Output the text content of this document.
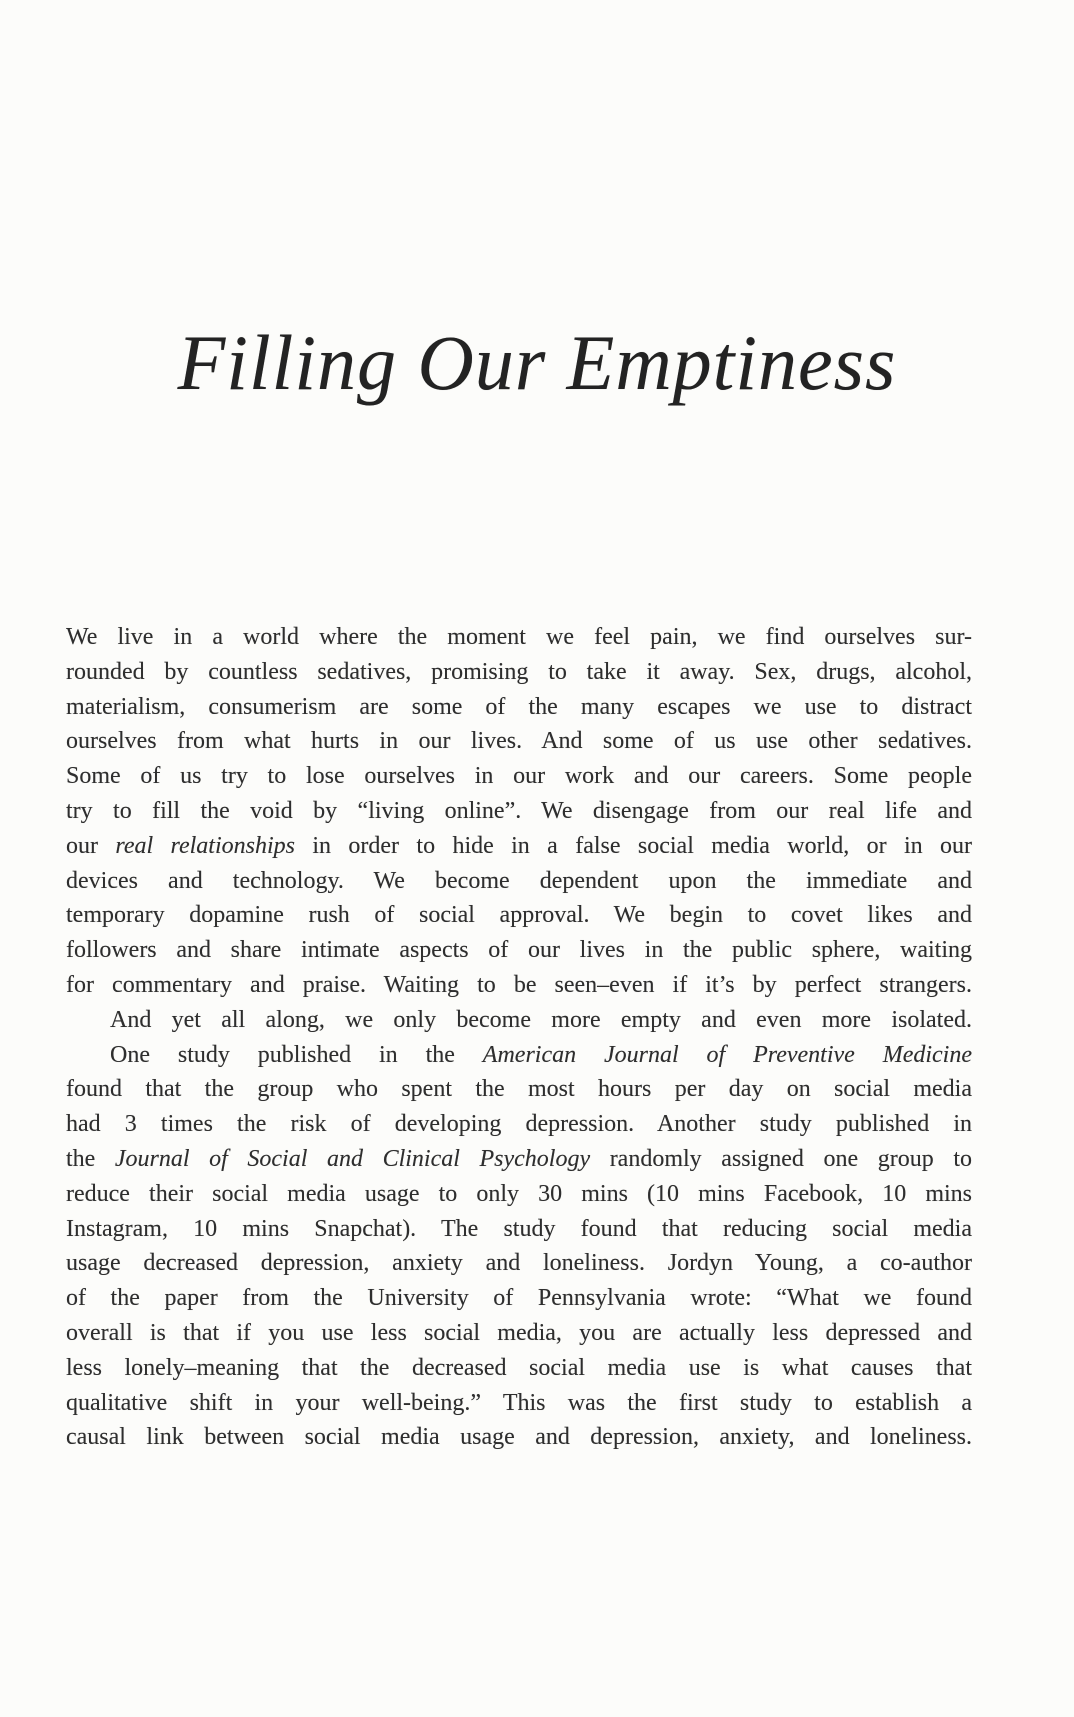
Filling Our Emptiness
We live in a world where the moment we feel pain, we find ourselves sur-
rounded by countless sedatives, promising to take it away. Sex, drugs, alcohol,
materialism, consumerism are some of the many escapes we use to distract
ourselves from what hurts in our lives. And some of us use other sedatives.
Some of us try to lose ourselves in our work and our careers. Some people
try to fill the void by “living online”. We disengage from our real life and
our real relationships in order to hide in a false social media world, or in our
devices and technology. We become dependent upon the immediate and
temporary dopamine rush of social approval. We begin to covet likes and
followers and share intimate aspects of our lives in the public sphere, waiting
for commentary and praise. Waiting to be seen–even if it’s by perfect strangers.
And yet all along, we only become more empty and even more isolated.
One study published in the American Journal of Preventive Medicine
found that the group who spent the most hours per day on social media
had 3 times the risk of developing depression. Another study published in
the Journal of Social and Clinical Psychology randomly assigned one group to
reduce their social media usage to only 30 mins (10 mins Facebook, 10 mins
Instagram, 10 mins Snapchat). The study found that reducing social media
usage decreased depression, anxiety and loneliness. Jordyn Young, a co-author
of the paper from the University of Pennsylvania wrote: “What we found
overall is that if you use less social media, you are actually less depressed and
less lonely–meaning that the decreased social media use is what causes that
qualitative shift in your well-being.” This was the first study to establish a
causal link between social media usage and depression, anxiety, and loneliness.
